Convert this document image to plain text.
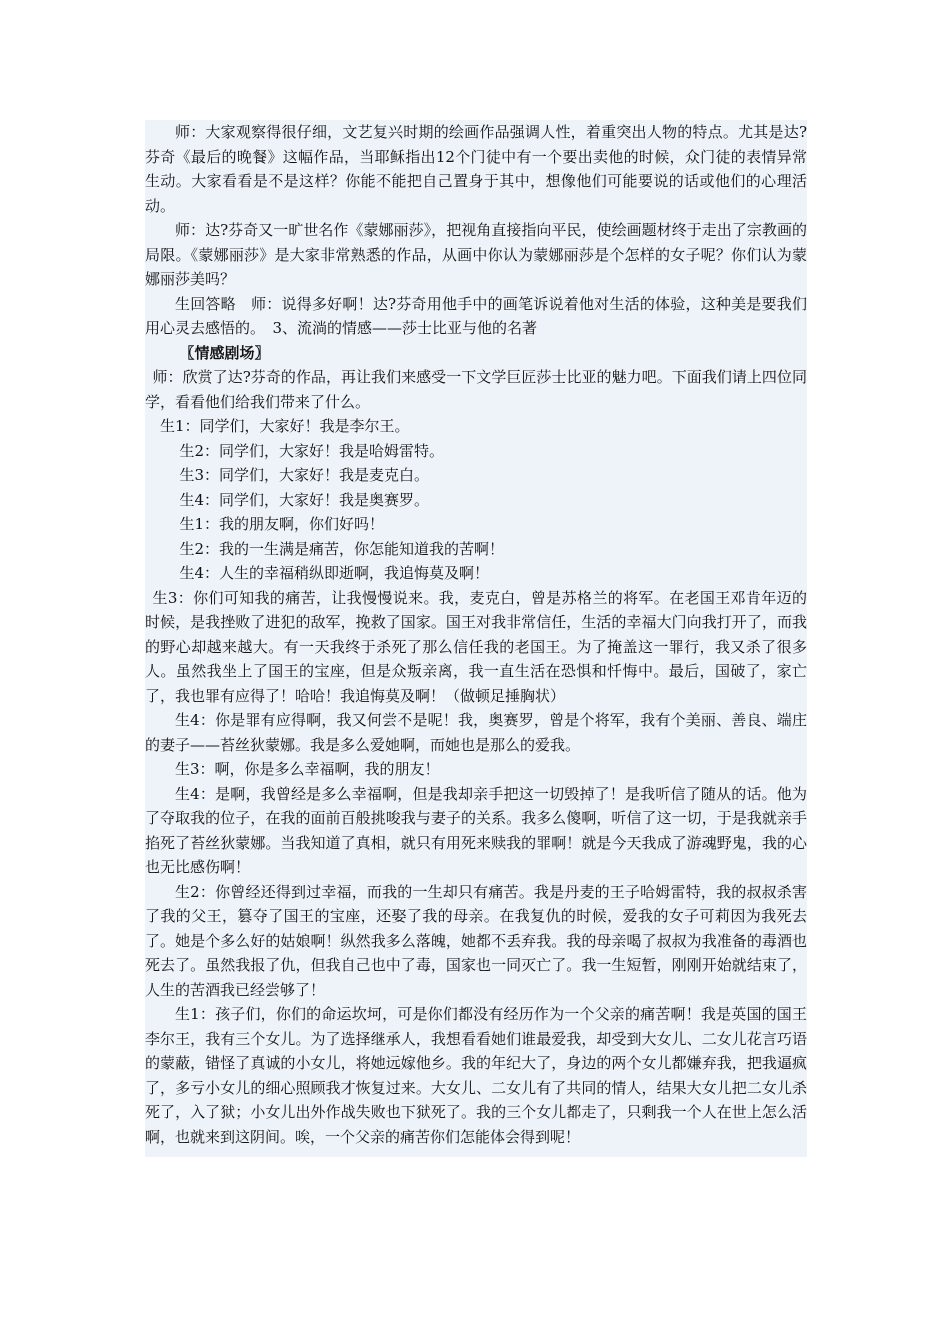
师：大家观察得很仔细，文艺复兴时期的绘画作品强调人性，着重突出人物的特点。尤其是达?芬奇《最后的晚餐》这幅作品，当耶稣指出12个门徒中有一个要出卖他的时候，众门徒的表情异常生动。大家看看是不是这样？你能不能把自己置身于其中，想像他们可能要说的话或他们的心理活动。

师：达?芬奇又一旷世名作《蒙娜丽莎》，把视角直接指向平民，使绘画题材终于走出了宗教画的局限。《蒙娜丽莎》是大家非常熟悉的作品，从画中你认为蒙娜丽莎是个怎样的女子呢？你们认为蒙娜丽莎美吗？

生回答略　师：说得多好啊！达?芬奇用他手中的画笔诉说着他对生活的体验，这种美是要我们用心灵去感悟的。　3、流淌的情感——莎士比亚与他的名著

〖情感剧场〗

师：欣赏了达?芬奇的作品，再让我们来感受一下文学巨匠莎士比亚的魅力吧。下面我们请上四位同学，看看他们给我们带来了什么。

生1：同学们，大家好！我是李尔王。

生2：同学们，大家好！我是哈姆雷特。

生3：同学们，大家好！我是麦克白。

生4：同学们，大家好！我是奥赛罗。

生1：我的朋友啊，你们好吗！

生2：我的一生满是痛苦，你怎能知道我的苦啊！

生4：人生的幸福稍纵即逝啊，我追悔莫及啊！

生3：你们可知我的痛苦，让我慢慢说来。我，麦克白，曾是苏格兰的将军。在老国王邓肯年迈的时候，是我挫败了进犯的敌军，挽救了国家。国王对我非常信任，生活的幸福大门向我打开了，而我的野心却越来越大。有一天我终于杀死了那么信任我的老国王。为了掩盖这一罪行，我又杀了很多人。虽然我坐上了国王的宝座，但是众叛亲离，我一直生活在恐惧和忏悔中。最后，国破了，家亡了，我也罪有应得了！哈哈！我追悔莫及啊！（做顿足捶胸状）

生4：你是罪有应得啊，我又何尝不是呢！我，奥赛罗，曾是个将军，我有个美丽、善良、端庄的妻子——苔丝狄蒙娜。我是多么爱她啊，而她也是那么的爱我。

生3：啊，你是多么幸福啊，我的朋友！

生4：是啊，我曾经是多么幸福啊，但是我却亲手把这一切毁掉了！是我听信了随从的话。他为了夺取我的位子，在我的面前百般挑唆我与妻子的关系。我多么傻啊，听信了这一切，于是我就亲手掐死了苔丝狄蒙娜。当我知道了真相，就只有用死来赎我的罪啊！就是今天我成了游魂野鬼，我的心也无比感伤啊！

生2：你曾经还得到过幸福，而我的一生却只有痛苦。我是丹麦的王子哈姆雷特，我的叔叔杀害了我的父王，篡夺了国王的宝座，还娶了我的母亲。在我复仇的时候，爱我的女子可莉因为我死去了。她是个多么好的姑娘啊！纵然我多么落魄，她都不丢弃我。我的母亲喝了叔叔为我准备的毒酒也死去了。虽然我报了仇，但我自己也中了毒，国家也一同灭亡了。我一生短暂，刚刚开始就结束了，人生的苦酒我已经尝够了！

生1：孩子们，你们的命运坎坷，可是你们都没有经历作为一个父亲的痛苦啊！我是英国的国王李尔王，我有三个女儿。为了选择继承人，我想看看她们谁最爱我，却受到大女儿、二女儿花言巧语的蒙蔽，错怪了真诚的小女儿，将她远嫁他乡。我的年纪大了，身边的两个女儿都嫌弃我，把我逼疯了，多亏小女儿的细心照顾我才恢复过来。大女儿、二女儿有了共同的情人，结果大女儿把二女儿杀死了，入了狱；小女儿出外作战失败也下狱死了。我的三个女儿都走了，只剩我一个人在世上怎么活啊，也就来到这阴间。唉，一个父亲的痛苦你们怎能体会得到呢！
